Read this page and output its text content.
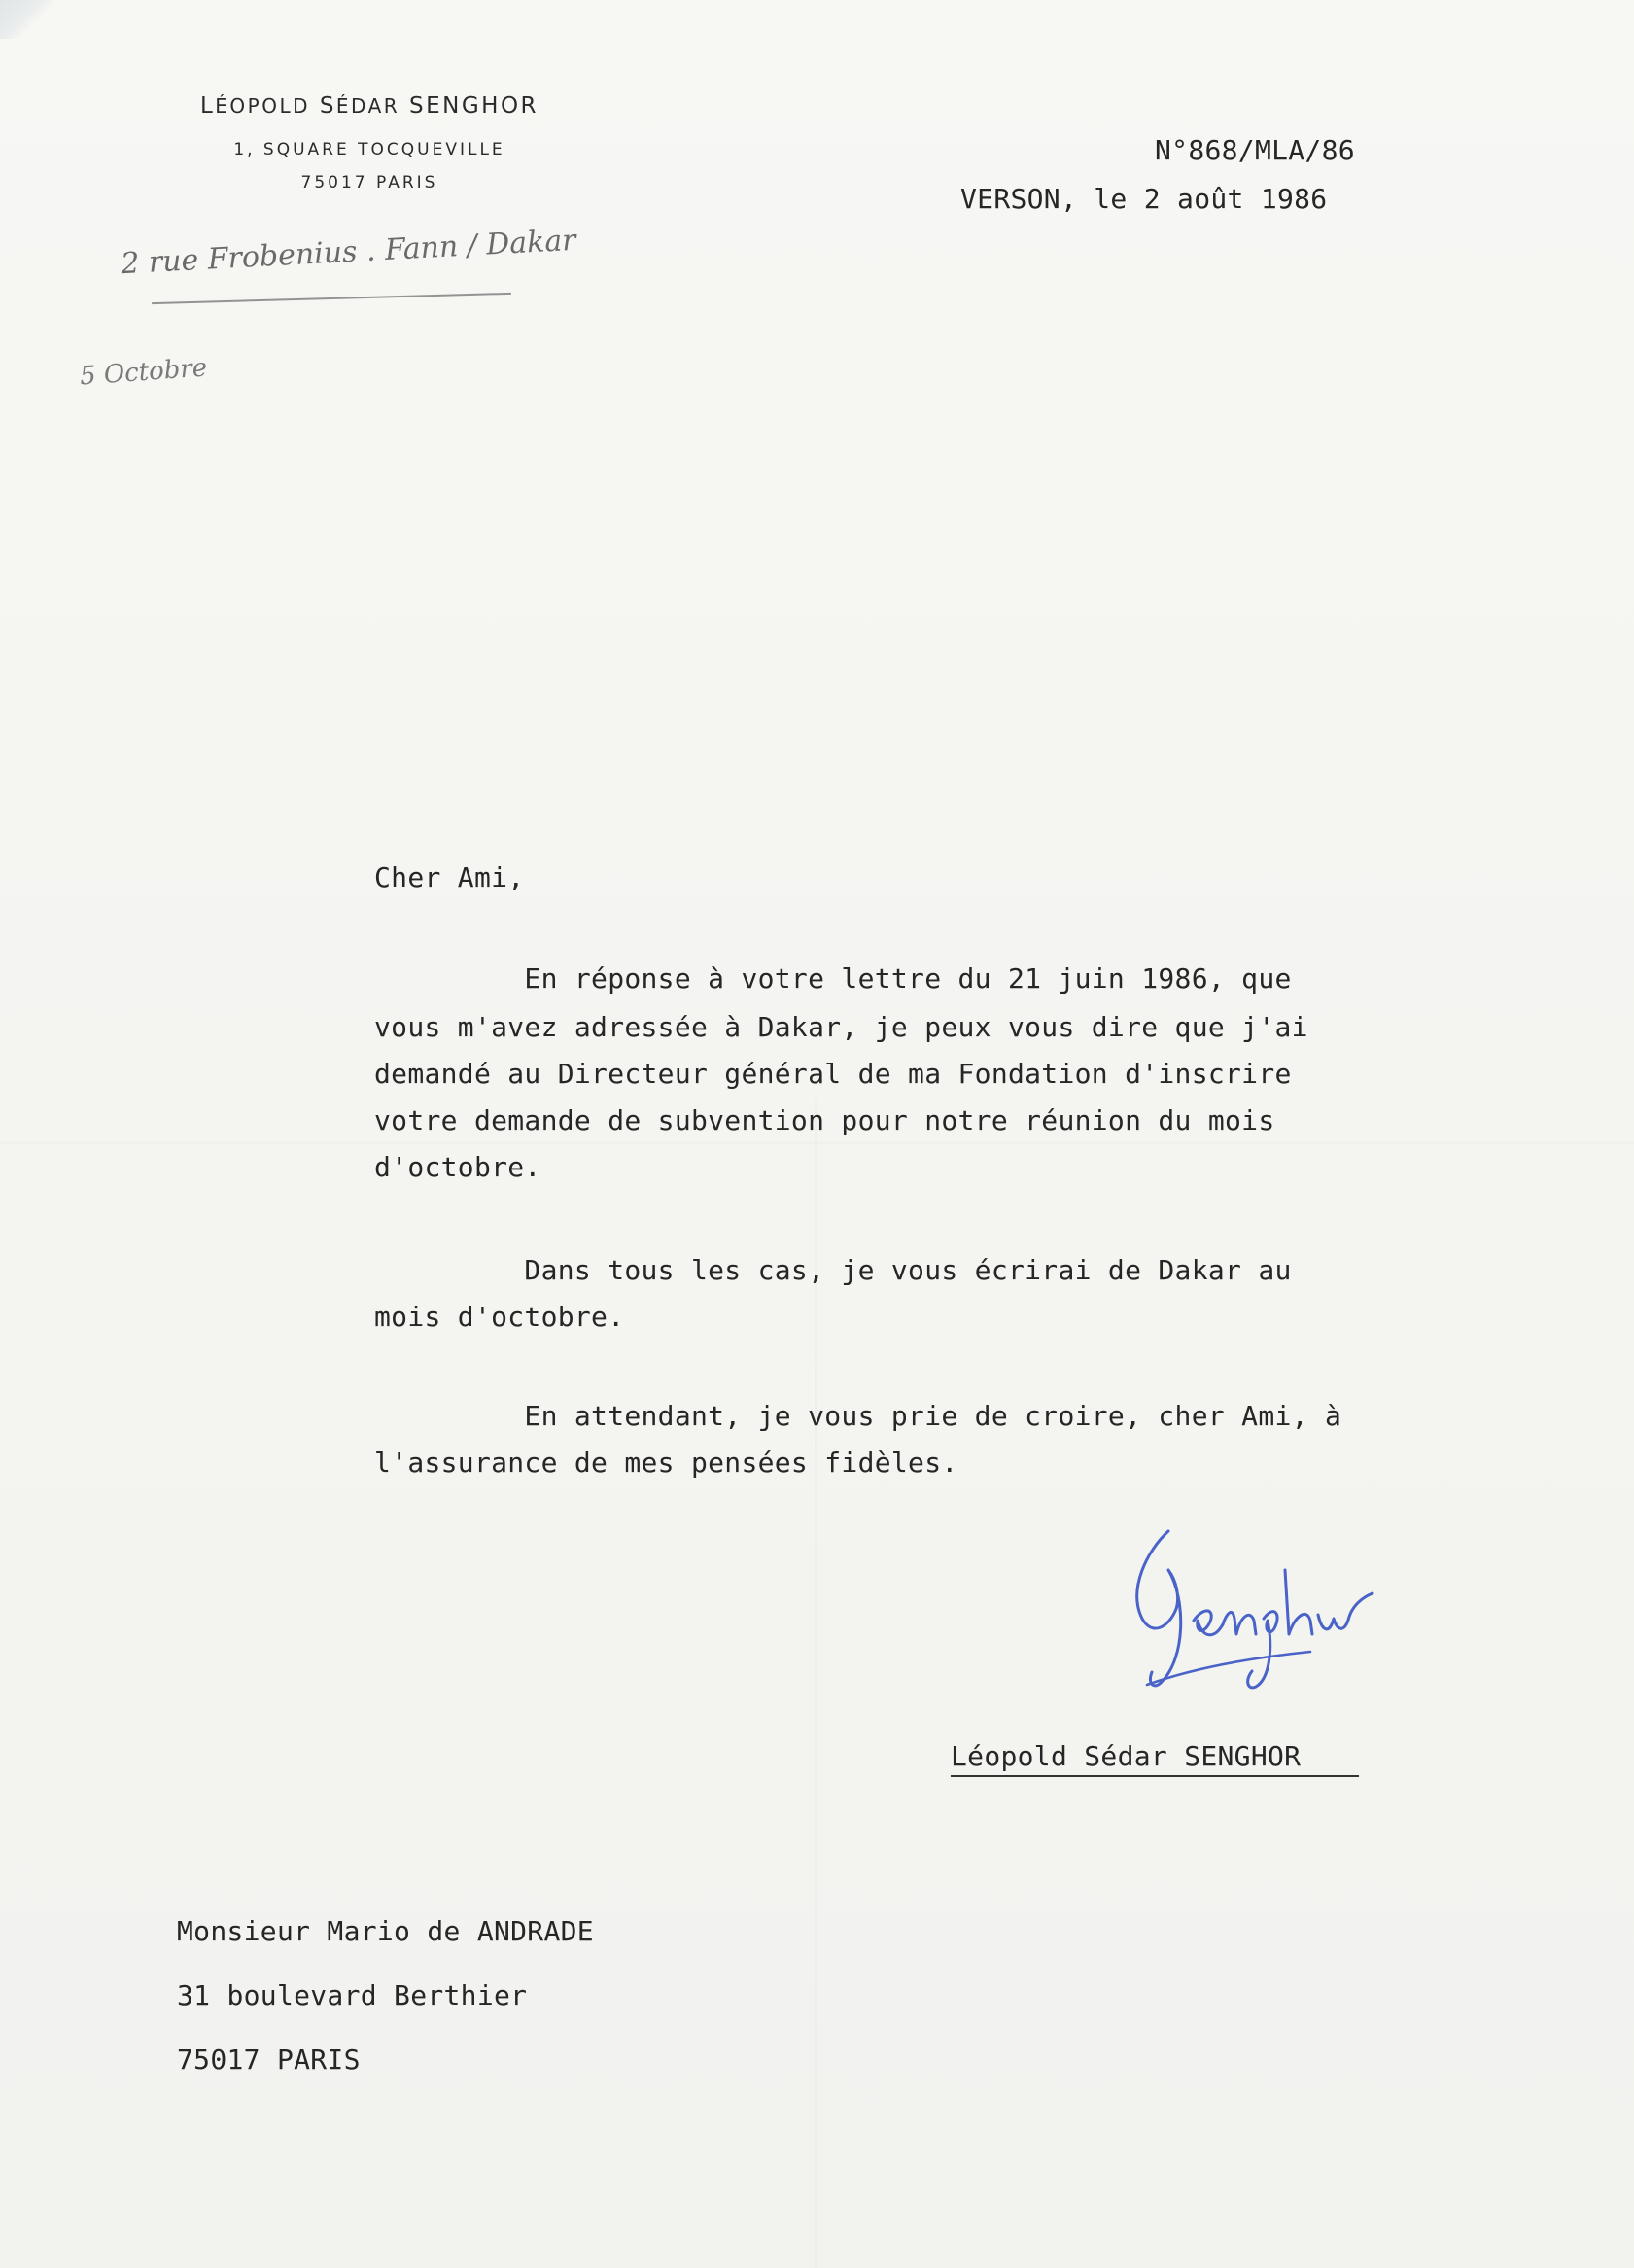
LÉOPOLD SÉDAR SENGHOR
1, SQUARE TOCQUEVILLE
75017 PARIS
N°868/MLA/86
VERSON, le 2 août 1986
2 rue Frobenius . Fann / Dakar
5 Octobre
Cher Ami,
En réponse à votre lettre du 21 juin 1986, que
vous m'avez adressée à Dakar, je peux vous dire que j'ai
demandé au Directeur général de ma Fondation d'inscrire
votre demande de subvention pour notre réunion du mois
d'octobre.
Dans tous les cas, je vous écrirai de Dakar au
mois d'octobre.
En attendant, je vous prie de croire, cher Ami, à
l'assurance de mes pensées fidèles.
Léopold Sédar SENGHOR
Monsieur Mario de ANDRADE
31 boulevard Berthier
75017 PARIS
